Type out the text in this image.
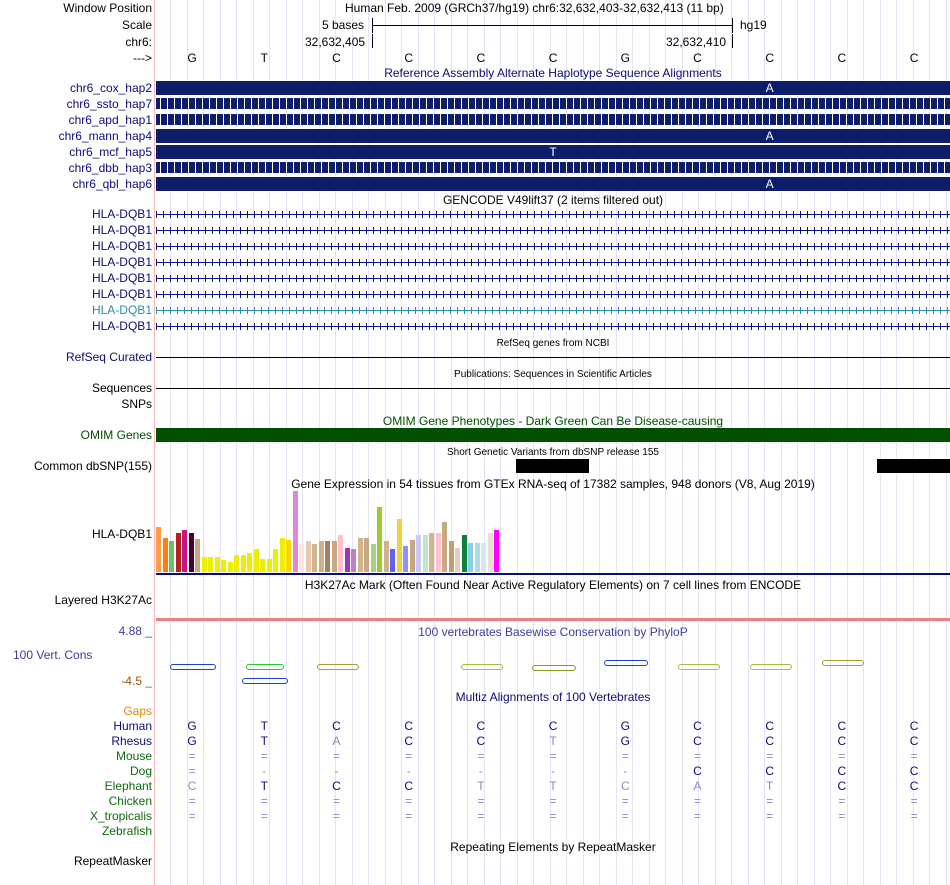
Window Position	Human Feb. 2009 (GRCh37/hg19) chr6:32,632,403-32,632,413 (11 bp)
Scale	5 bases	hg19
chr6:	32,632,405	32,632,410
--->	G	T	C	C	C	C	G	C	C	C	C
Reference Assembly Alternate Haplotype Sequence Alignments
chr6_cox_hap2	A
chr6_ssto_hap7
chr6_apd_hap1
chr6_mann_hap4	A
chr6_mcf_hap5	T
chr6_dbb_hap3
chr6_qbl_hap6	A
GENCODE V49lift37 (2 items filtered out)
HLA-DQB1
HLA-DQB1
HLA-DQB1
HLA-DQB1
HLA-DQB1
HLA-DQB1
HLA-DQB1
HLA-DQB1
RefSeq genes from NCBI
RefSeq Curated
Publications: Sequences in Scientific Articles
Sequences
SNPs
OMIM Gene Phenotypes - Dark Green Can Be Disease-causing
OMIM Genes
Short Genetic Variants from dbSNP release 155
Common dbSNP(155)
Gene Expression in 54 tissues from GTEx RNA-seq of 17382 samples, 948 donors (V8, Aug 2019)
HLA-DQB1
H3K27Ac Mark (Often Found Near Active Regulatory Elements) on 7 cell lines from ENCODE
Layered H3K27Ac
100 vertebrates Basewise Conservation by PhyloP
4.88 _
100 Vert. Cons
-4.5 _
Multiz Alignments of 100 Vertebrates
Gaps
Human	G	T	C	C	C	C	G	C	C	C	C
Rhesus	G	T	A	C	C	T	G	C	C	C	C
Mouse	=	=	=	=	=	=	=	=	=	=	=
Dog	=	-	-	-	-	-	-	C	C	C	C
Elephant	C	T	C	C	T	T	C	A	T	C	C
Chicken	=	=	=	=	=	=	=	=	=	=	=
X_tropicalis	=	=	=	=	=	=	=	=	=	=	=
Zebrafish
Repeating Elements by RepeatMasker
RepeatMasker
